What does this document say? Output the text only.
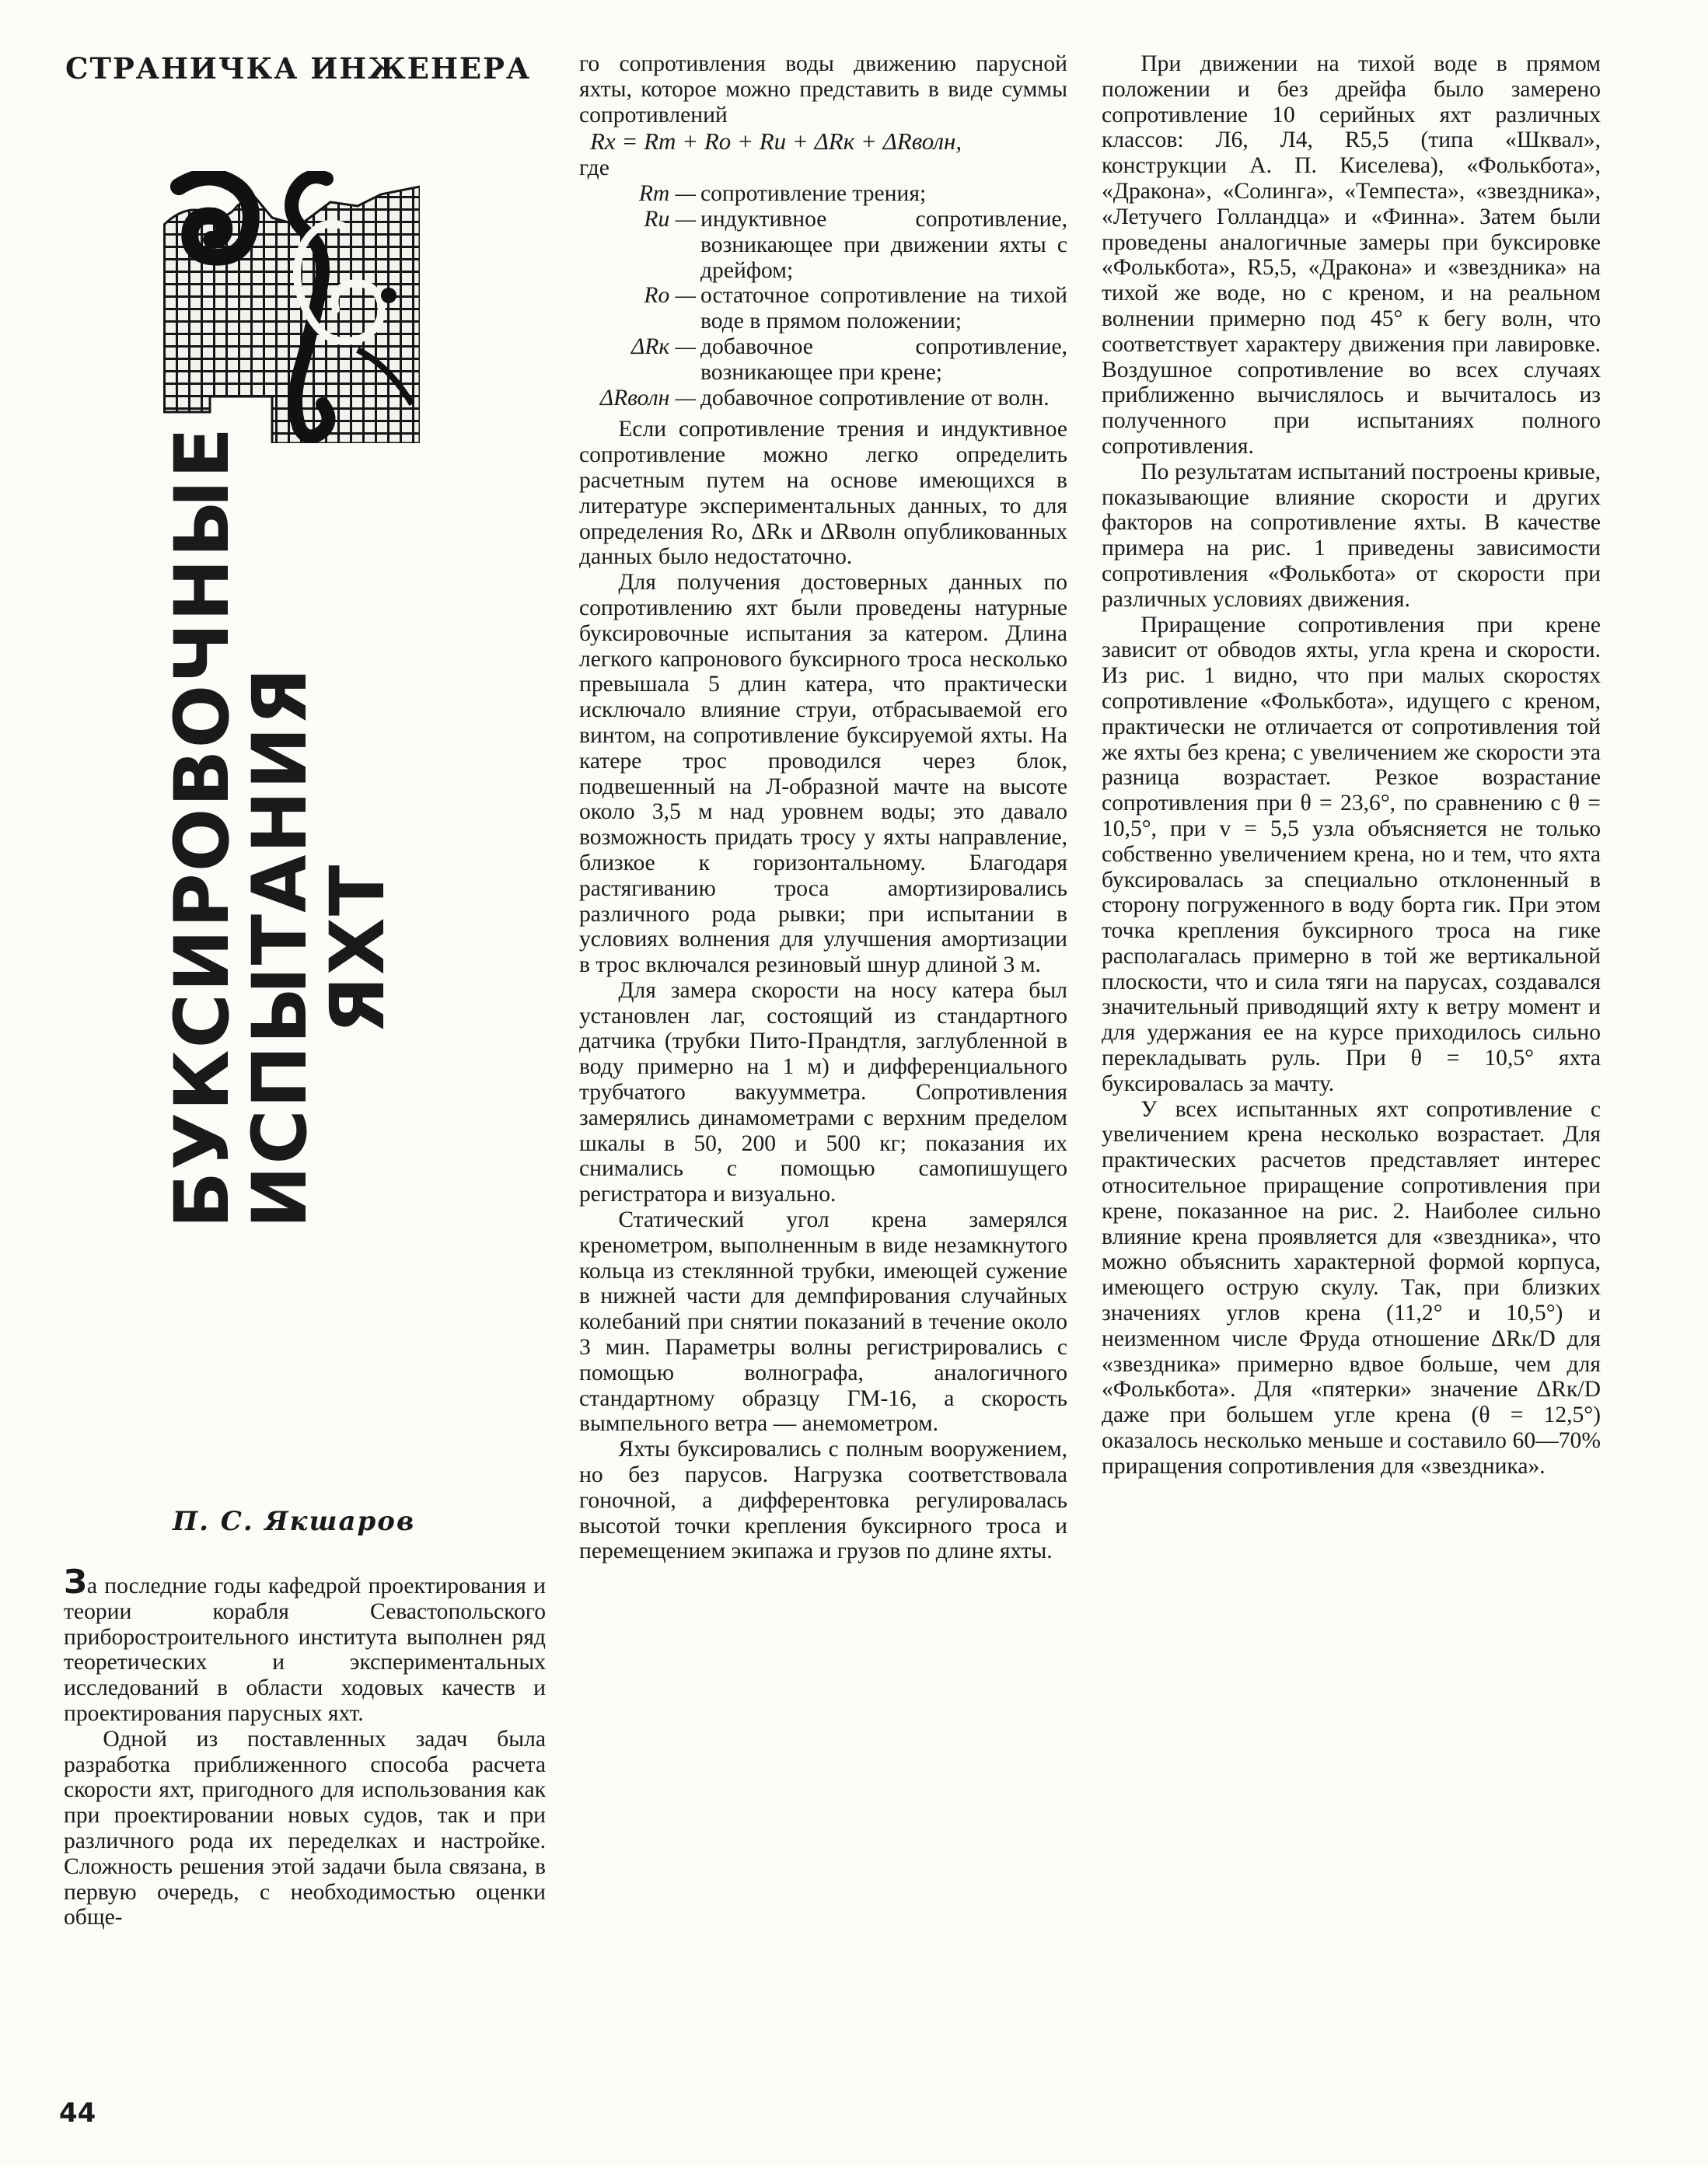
СТРАНИЧКА ИНЖЕНЕРА
БУКСИРОВОЧНЫЕ
ИСПЫТАНИЯ
ЯХТ
П. С. Якшаров

За последние годы кафедрой проектирования и теории корабля Севастопольского приборостроительного института выполнен ряд теоретических и экспериментальных исследований в области ходовых качеств и проектирования парусных яхт.

Одной из поставленных задач была разработка приближенного способа расчета скорости яхт, пригодного для использования как при проектировании новых судов, так и при различного рода их переделках и настройке. Сложность решения этой задачи была связана, в первую очередь, с необходимостью оценки обще-

го сопротивления воды движению парусной яхты, которое можно представить в виде суммы сопротивлений

Rx = Rт + Rо + Rи + ΔRк + ΔRволн,
где
Rт — сопротивление трения;
Rи — индуктивное сопротивление, возникающее при движении яхты с дрейфом;
Rо — остаточное сопротивление на тихой воде в прямом положении;
ΔRк — добавочное сопротивление, возникающее при крене;
ΔRволн — добавочное сопротивление от волн.

Если сопротивление трения и индуктивное сопротивление можно легко определить расчетным путем на основе имеющихся в литературе экспериментальных данных, то для определения Rо, ΔRк и ΔRволн опубликованных данных было недостаточно.

Для получения достоверных данных по сопротивлению яхт были проведены натурные буксировочные испытания за катером. Длина легкого капронового буксирного троса несколько превышала 5 длин катера, что практически исключало влияние струи, отбрасываемой его винтом, на сопротивление буксируемой яхты. На катере трос проводился через блок, подвешенный на Л-образной мачте на высоте около 3,5 м над уровнем воды; это давало возможность придать тросу у яхты направление, близкое к горизонтальному. Благодаря растягиванию троса амортизировались различного рода рывки; при испытании в условиях волнения для улучшения амортизации в трос включался резиновый шнур длиной 3 м.

Для замера скорости на носу катера был установлен лаг, состоящий из стандартного датчика (трубки Пито-Прандтля, заглубленной в воду примерно на 1 м) и дифференциального трубчатого вакуумметра. Сопротивления замерялись динамометрами с верхним пределом шкалы в 50, 200 и 500 кг; показания их снимались с помощью самопишущего регистратора и визуально.

Статический угол крена замерялся кренометром, выполненным в виде незамкнутого кольца из стеклянной трубки, имеющей сужение в нижней части для демпфирования случайных колебаний при снятии показаний в течение около 3 мин. Параметры волны регистрировались с помощью волнографа, аналогичного стандартному образцу ГМ-16, а скорость вымпельного ветра — анемометром.

Яхты буксировались с полным вооружением, но без парусов. Нагрузка соответствовала гоночной, а дифферентовка регулировалась высотой точки крепления буксирного троса и перемещением экипажа и грузов по длине яхты.

При движении на тихой воде в прямом положении и без дрейфа было замерено сопротивление 10 серийных яхт различных классов: Л6, Л4, R5,5 (типа «Шквал», конструкции А. П. Киселева), «Фолькбота», «Дракона», «Солинга», «Темпеста», «звездника», «Летучего Голландца» и «Финна». Затем были проведены аналогичные замеры при буксировке «Фолькбота», R5,5, «Дракона» и «звездника» на тихой же воде, но с креном, и на реальном волнении примерно под 45° к бегу волн, что соответствует характеру движения при лавировке. Воздушное сопротивление во всех случаях приближенно вычислялось и вычиталось из полученного при испытаниях полного сопротивления.

По результатам испытаний построены кривые, показывающие влияние скорости и других факторов на сопротивление яхты. В качестве примера на рис. 1 приведены зависимости сопротивления «Фолькбота» от скорости при различных условиях движения.

Приращение сопротивления при крене зависит от обводов яхты, угла крена и скорости. Из рис. 1 видно, что при малых скоростях сопротивление «Фолькбота», идущего с креном, практически не отличается от сопротивления той же яхты без крена; с увеличением же скорости эта разница возрастает. Резкое возрастание сопротивления при θ = 23,6°, по сравнению с θ = 10,5°, при v = 5,5 узла объясняется не только собственно увеличением крена, но и тем, что яхта буксировалась за специально отклоненный в сторону погруженного в воду борта гик. При этом точка крепления буксирного троса на гике располагалась примерно в той же вертикальной плоскости, что и сила тяги на парусах, создавался значительный приводящий яхту к ветру момент и для удержания ее на курсе приходилось сильно перекладывать руль. При θ = 10,5° яхта буксировалась за мачту.

У всех испытанных яхт сопротивление с увеличением крена несколько возрастает. Для практических расчетов представляет интерес относительное приращение сопротивления при крене, показанное на рис. 2. Наиболее сильно влияние крена проявляется для «звездника», что можно объяснить характерной формой корпуса, имеющего острую скулу. Так, при близких значениях углов крена (11,2° и 10,5°) и неизменном числе Фруда отношение ΔRк/D для «звездника» примерно вдвое больше, чем для «Фолькбота». Для «пятерки» значение ΔRк/D даже при большем угле крена (θ = 12,5°) оказалось несколько меньше и составило 60—70% приращения сопротивления для «звездника».

44
